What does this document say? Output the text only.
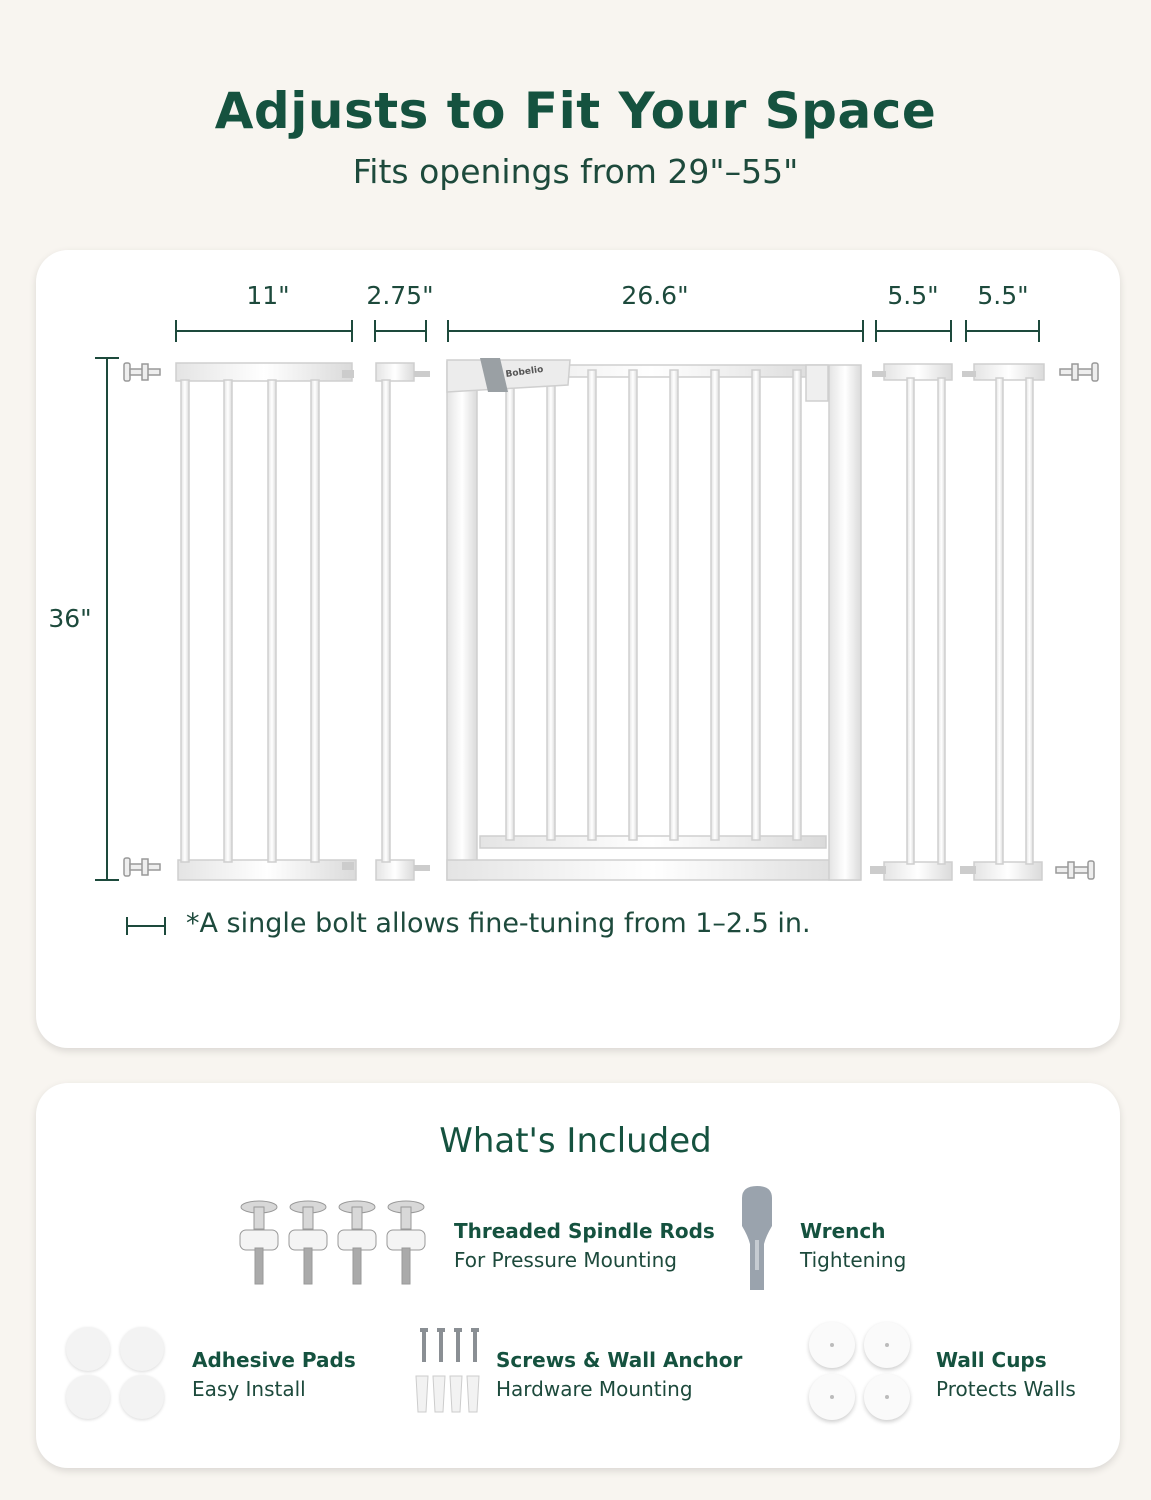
Adjusts to Fit Your Space
Fits openings from 29"–55"
11"	2.75"	26.6"	5.5" 5.5"
36"
Bobelio
*A single bolt allows fine-tuning from 1–2.5 in.
What's Included
Threaded Spindle Rods
For Pressure Mounting
Wrench
Tightening
Adhesive Pads
Easy Install
Screws & Wall Anchor
Hardware Mounting
Wall Cups
Protects Walls
